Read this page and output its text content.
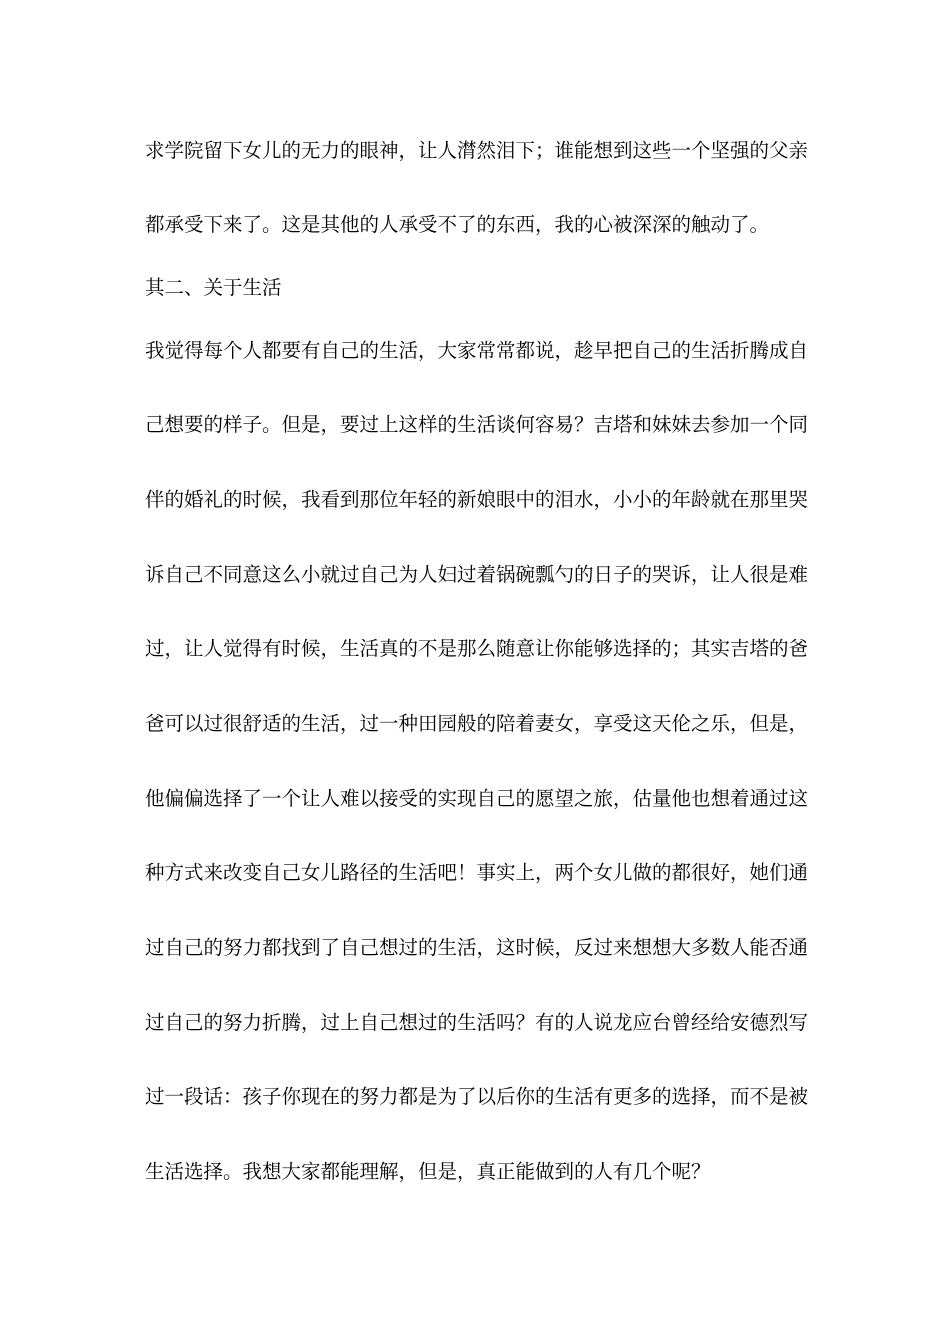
求学院留下女儿的无力的眼神，让人潸然泪下；谁能想到这些一个坚强的父亲
都承受下来了。这是其他的人承受不了的东西，我的心被深深的触动了。
其二、关于生活
我觉得每个人都要有自己的生活，大家常常都说，趁早把自己的生活折腾成自
己想要的样子。但是，要过上这样的生活谈何容易？吉塔和妹妹去参加一个同
伴的婚礼的时候，我看到那位年轻的新娘眼中的泪水，小小的年龄就在那里哭
诉自己不同意这么小就过自己为人妇过着锅碗瓢勺的日子的哭诉，让人很是难
过，让人觉得有时候，生活真的不是那么随意让你能够选择的；其实吉塔的爸
爸可以过很舒适的生活，过一种田园般的陪着妻女，享受这天伦之乐，但是，
他偏偏选择了一个让人难以接受的实现自己的愿望之旅，估量他也想着通过这
种方式来改变自己女儿路径的生活吧！事实上，两个女儿做的都很好，她们通
过自己的努力都找到了自己想过的生活，这时候，反过来想想大多数人能否通
过自己的努力折腾，过上自己想过的生活吗？有的人说龙应台曾经给安德烈写
过一段话：孩子你现在的努力都是为了以后你的生活有更多的选择，而不是被
生活选择。我想大家都能理解，但是，真正能做到的人有几个呢？
